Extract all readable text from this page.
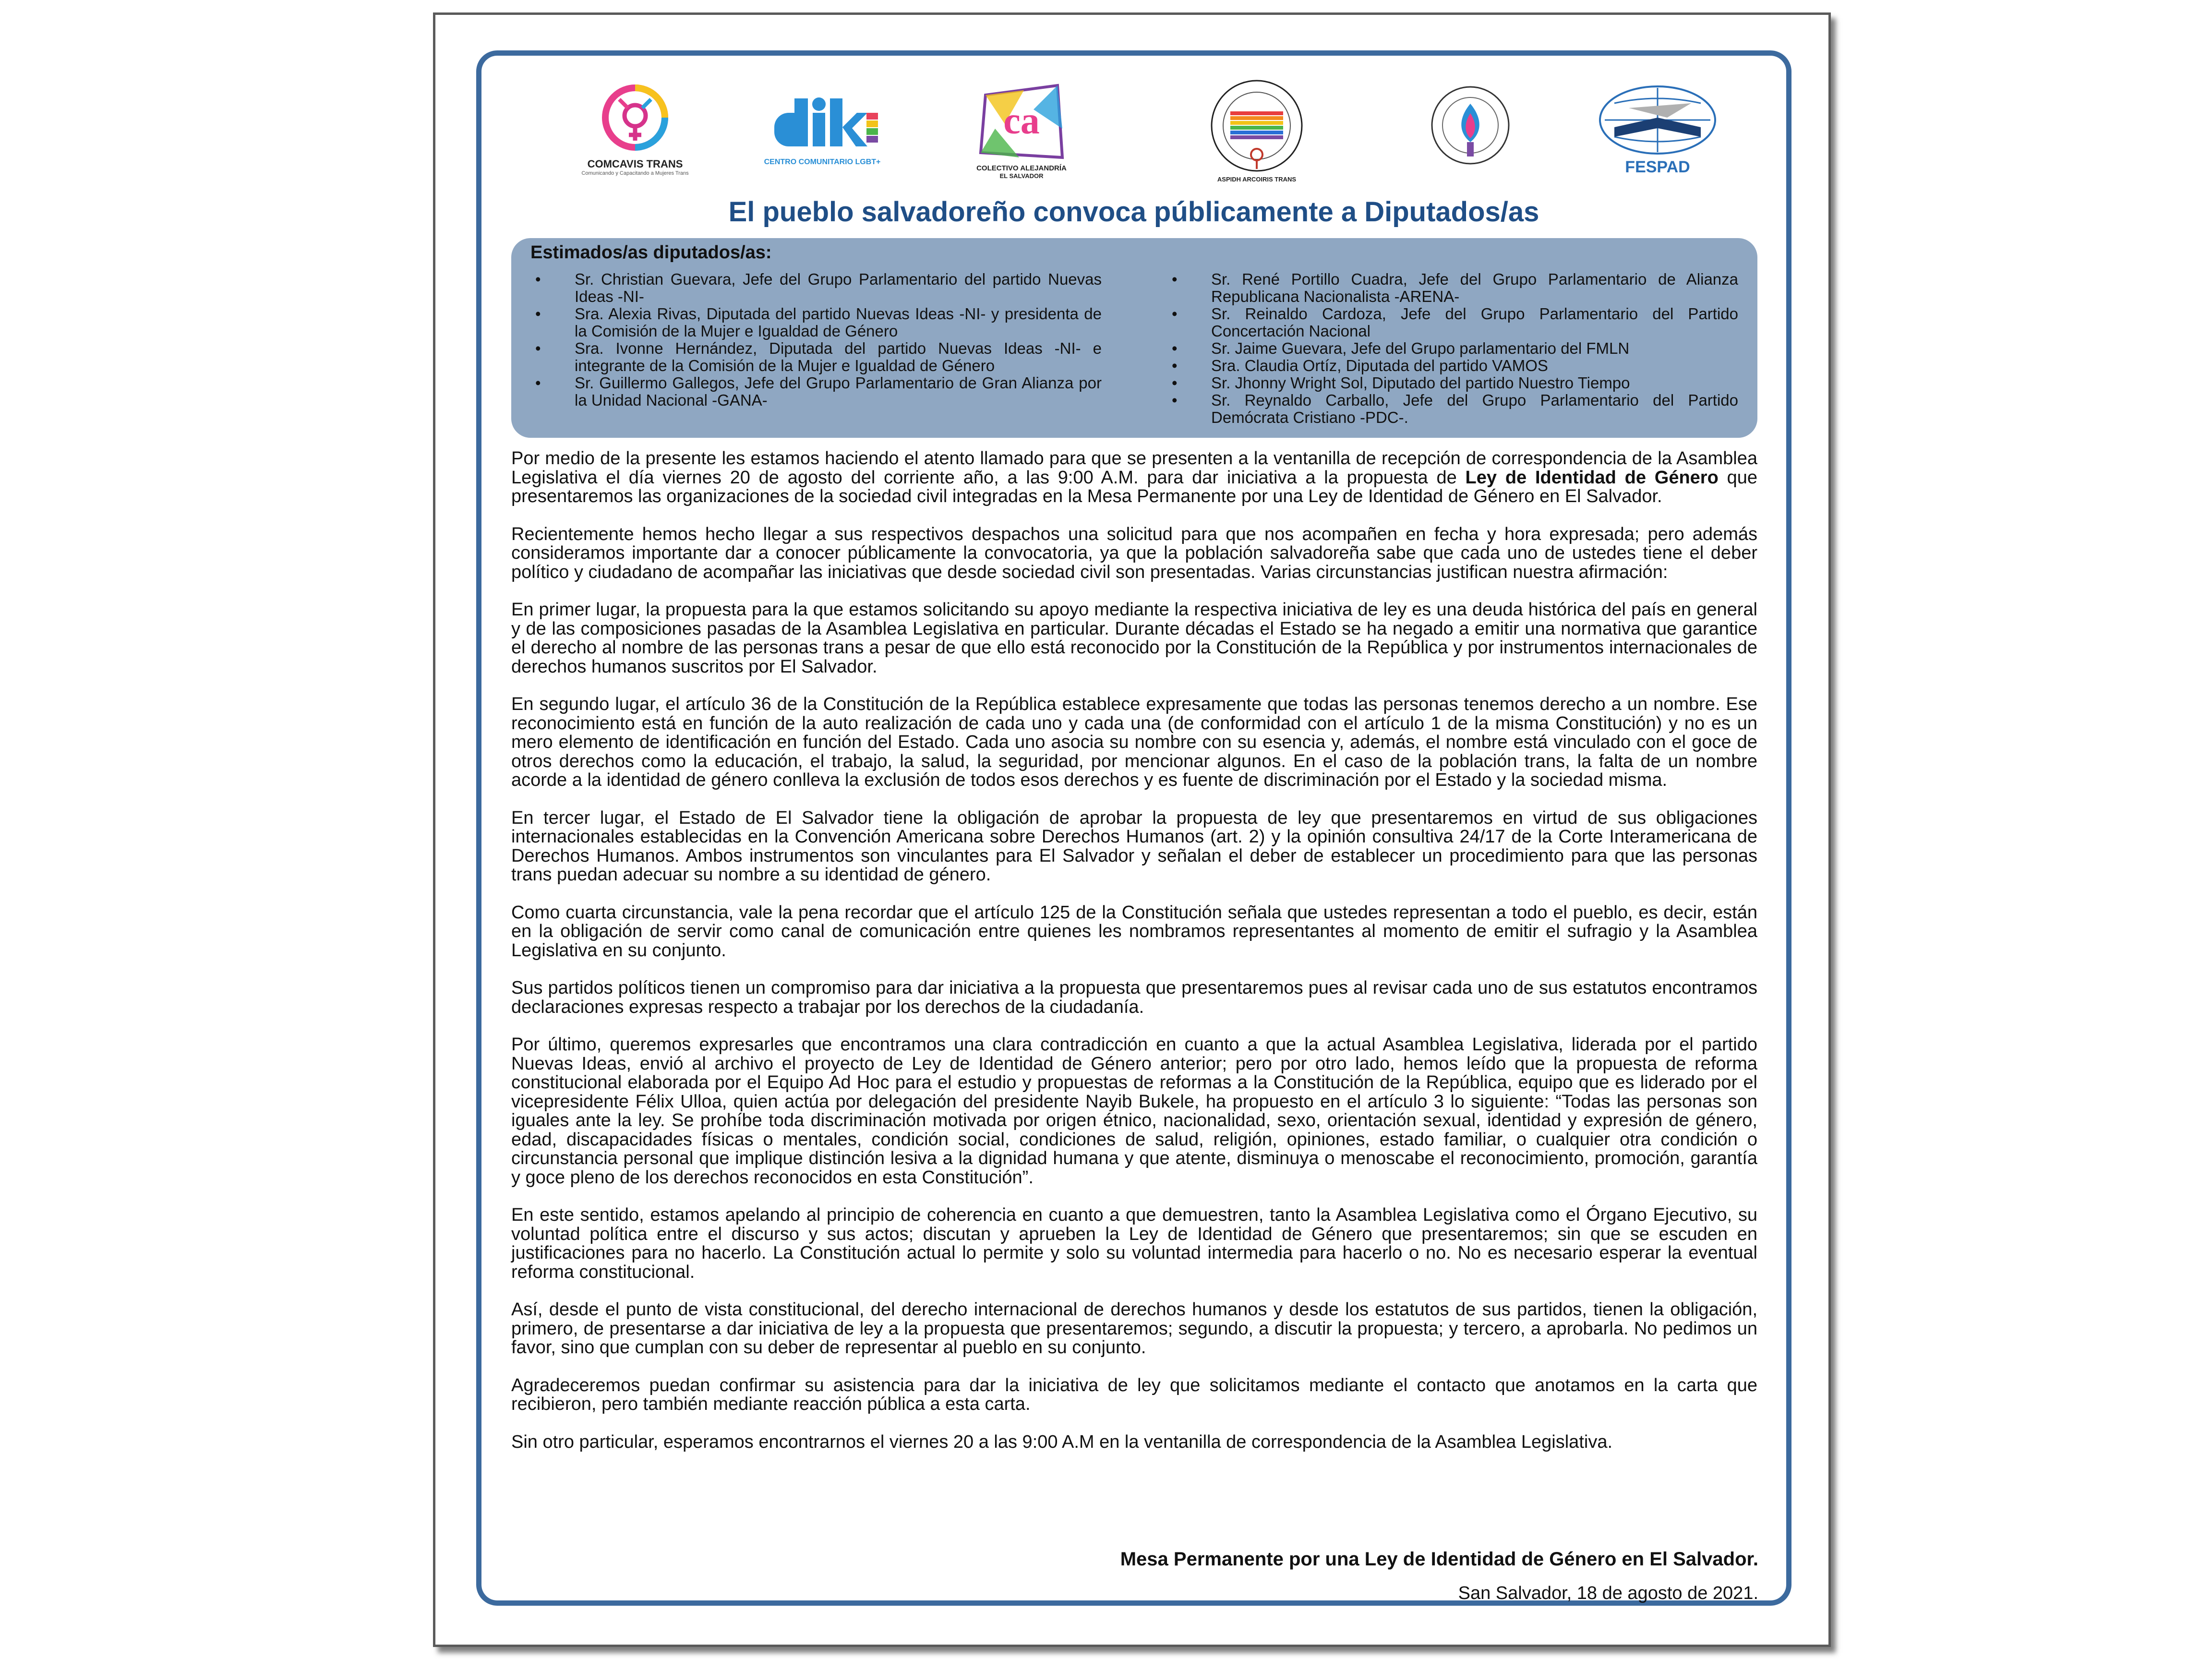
COMCAVIS TRANS
Comunicando y Capacitando a Mujeres Trans
CENTRO COMUNITARIO LGBT+
ca
COLECTIVO ALEJANDRÍA
EL SALVADOR	ASPIDH ARCOIRIS TRANS
FESPAD
El pueblo salvadoreño convoca públicamente a Diputados/as

Estimados/as diputados/as:

• Sr. Christian Guevara, Jefe del Grupo Parlamentario del partido Nuevas Ideas -NI-
• Sra. Alexia Rivas, Diputada del partido Nuevas Ideas -NI- y presidenta de la Comisión de la Mujer e Igualdad de Género
• Sra. Ivonne Hernández, Diputada del partido Nuevas Ideas -NI- e integrante de la Comisión de la Mujer e Igualdad de Género
• Sr. Guillermo Gallegos, Jefe del Grupo Parlamentario de Gran Alianza por la Unidad Nacional -GANA-
• Sr. René Portillo Cuadra, Jefe del Grupo Parlamentario de Alianza Republicana Nacionalista -ARENA-
• Sr. Reinaldo Cardoza, Jefe del Grupo Parlamentario del Partido Concertación Nacional
• Sr. Jaime Guevara, Jefe del Grupo parlamentario del FMLN
• Sra. Claudia Ortíz, Diputada del partido VAMOS
• Sr. Jhonny Wright Sol, Diputado del partido Nuestro Tiempo
• Sr. Reynaldo Carballo, Jefe del Grupo Parlamentario del Partido Demócrata Cristiano -PDC-.

Por medio de la presente les estamos haciendo el atento llamado para que se presenten a la ventanilla de recepción de correspondencia de la Asamblea Legislativa el día viernes 20 de agosto del corriente año, a las 9:00 A.M. para dar iniciativa a la propuesta de Ley de Identidad de Género que presentaremos las organizaciones de la sociedad civil integradas en la Mesa Permanente por una Ley de Identidad de Género en El Salvador.

Recientemente hemos hecho llegar a sus respectivos despachos una solicitud para que nos acompañen en fecha y hora expresada; pero además consideramos importante dar a conocer públicamente la convocatoria, ya que la población salvadoreña sabe que cada uno de ustedes tiene el deber político y ciudadano de acompañar las iniciativas que desde sociedad civil son presentadas. Varias circunstancias justifican nuestra afirmación:

En primer lugar, la propuesta para la que estamos solicitando su apoyo mediante la respectiva iniciativa de ley es una deuda histórica del país en general y de las composiciones pasadas de la Asamblea Legislativa en particular. Durante décadas el Estado se ha negado a emitir una normativa que garantice el derecho al nombre de las personas trans a pesar de que ello está reconocido por la Constitución de la República y por instrumentos internacionales de derechos humanos suscritos por El Salvador.

En segundo lugar, el artículo 36 de la Constitución de la República establece expresamente que todas las personas tenemos derecho a un nombre. Ese reconocimiento está en función de la auto realización de cada uno y cada una (de conformidad con el artículo 1 de la misma Constitución) y no es un mero elemento de identificación en función del Estado. Cada uno asocia su nombre con su esencia y, además, el nombre está vinculado con el goce de otros derechos como la educación, el trabajo, la salud, la seguridad, por mencionar algunos. En el caso de la población trans, la falta de un nombre acorde a la identidad de género conlleva la exclusión de todos esos derechos y es fuente de discriminación por el Estado y la sociedad misma.

En tercer lugar, el Estado de El Salvador tiene la obligación de aprobar la propuesta de ley que presentaremos en virtud de sus obligaciones internacionales establecidas en la Convención Americana sobre Derechos Humanos (art. 2) y la opinión consultiva 24/17 de la Corte Interamericana de Derechos Humanos. Ambos instrumentos son vinculantes para El Salvador y señalan el deber de establecer un procedimiento para que las personas trans puedan adecuar su nombre a su identidad de género.

Como cuarta circunstancia, vale la pena recordar que el artículo 125 de la Constitución señala que ustedes representan a todo el pueblo, es decir, están en la obligación de servir como canal de comunicación entre quienes les nombramos representantes al momento de emitir el sufragio y la Asamblea Legislativa en su conjunto.

Sus partidos políticos tienen un compromiso para dar iniciativa a la propuesta que presentaremos pues al revisar cada uno de sus estatutos encontramos declaraciones expresas respecto a trabajar por los derechos de la ciudadanía.

Por último, queremos expresarles que encontramos una clara contradicción en cuanto a que la actual Asamblea Legislativa, liderada por el partido Nuevas Ideas, envió al archivo el proyecto de Ley de Identidad de Género anterior; pero por otro lado, hemos leído que la propuesta de reforma constitucional elaborada por el Equipo Ad Hoc para el estudio y propuestas de reformas a la Constitución de la República, equipo que es liderado por el vicepresidente Félix Ulloa, quien actúa por delegación del presidente Nayib Bukele, ha propuesto en el artículo 3 lo siguiente: “Todas las personas son iguales ante la ley. Se prohíbe toda discriminación motivada por origen étnico, nacionalidad, sexo, orientación sexual, identidad y expresión de género, edad, discapacidades físicas o mentales, condición social, condiciones de salud, religión, opiniones, estado familiar, o cualquier otra condición o circunstancia personal que implique distinción lesiva a la dignidad humana y que atente, disminuya o menoscabe el reconocimiento, promoción, garantía y goce pleno de los derechos reconocidos en esta Constitución”.

En este sentido, estamos apelando al principio de coherencia en cuanto a que demuestren, tanto la Asamblea Legislativa como el Órgano Ejecutivo, su voluntad política entre el discurso y sus actos; discutan y aprueben la Ley de Identidad de Género que presentaremos; sin que se escuden en justificaciones para no hacerlo. La Constitución actual lo permite y solo su voluntad intermedia para hacerlo o no. No es necesario esperar la eventual reforma constitucional.

Así, desde el punto de vista constitucional, del derecho internacional de derechos humanos y desde los estatutos de sus partidos, tienen la obligación, primero, de presentarse a dar iniciativa de ley a la propuesta que presentaremos; segundo, a discutir la propuesta; y tercero, a aprobarla. No pedimos un favor, sino que cumplan con su deber de representar al pueblo en su conjunto.

Agradeceremos puedan confirmar su asistencia para dar la iniciativa de ley que solicitamos mediante el contacto que anotamos en la carta que recibieron, pero también mediante reacción pública a esta carta.

Sin otro particular, esperamos encontrarnos el viernes 20 a las 9:00 A.M en la ventanilla de correspondencia de la Asamblea Legislativa.

Mesa Permanente por una Ley de Identidad de Género en El Salvador.

San Salvador, 18 de agosto de 2021.
